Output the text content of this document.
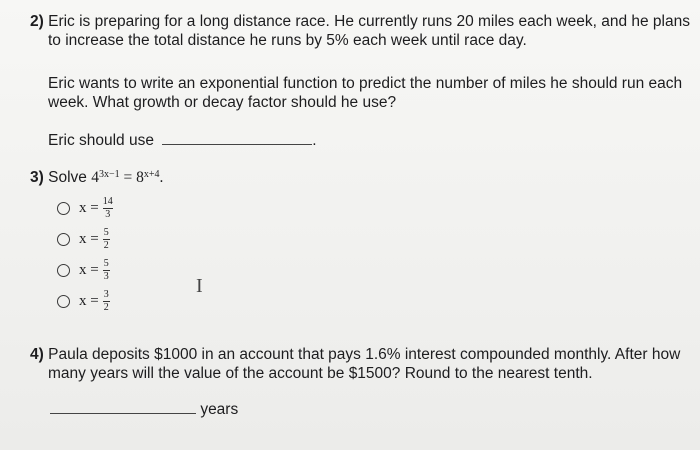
2) Eric is preparing for a long distance race. He currently runs 20 miles each week, and he plans
to increase the total distance he runs by 5% each week until race day.
Eric wants to write an exponential function to predict the number of miles he should run each
week. What growth or decay factor should he use?
Eric should use	.
3) Solve $4^{3x-1} = 8^{x+4}$.
$x = \frac{14}{3}$
$x = \frac{5}{2}$
$x = \frac{5}{3}$
$x = \frac{3}{2}$
I
4) Paula deposits $1000 in an account that pays 1.6% interest compounded monthly. After how
many years will the value of the account be $1500? Round to the nearest tenth.
years
